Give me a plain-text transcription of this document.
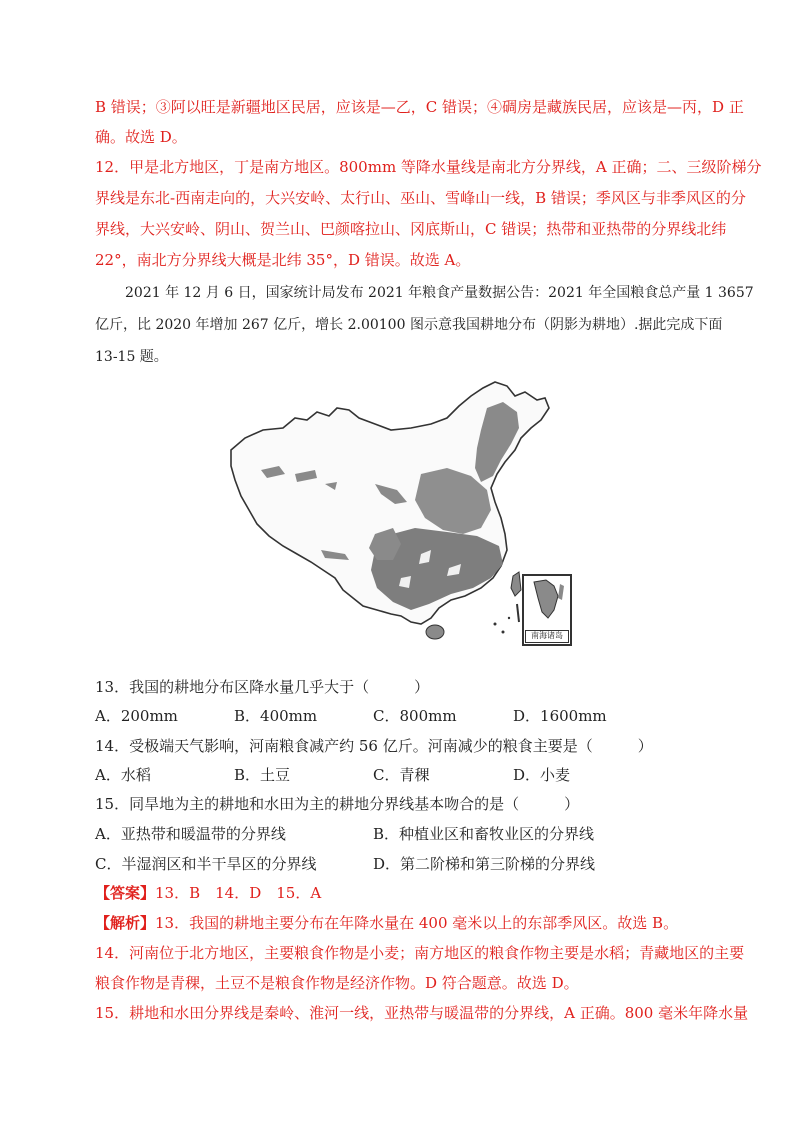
B 错误；③阿以旺是新疆地区民居，应该是—乙，C 错误；④碉房是藏族民居，应该是—丙，D 正
确。故选 D。
12．甲是北方地区，丁是南方地区。800mm 等降水量线是南北方分界线，A 正确；二、三级阶梯分
界线是东北-西南走向的，大兴安岭、太行山、巫山、雪峰山一线，B 错误；季风区与非季风区的分
界线，大兴安岭、阴山、贺兰山、巴颜喀拉山、冈底斯山，C 错误；热带和亚热带的分界线北纬
22°，南北方分界线大概是北纬 35°，D 错误。故选 A。
2021 年 12 月 6 日，国家统计局发布 2021 年粮食产量数据公告：2021 年全国粮食总产量 1 3657
亿斤，比 2020 年增加 267 亿斤，增长 2.00100 图示意我国耕地分布（阴影为耕地）.据此完成下面
13-15 题。
南海诸岛
13．我国的耕地分布区降水量几乎大于（　　　）
A．200mm	B．400mm	C．800mm	D．1600mm
14．受极端天气影响，河南粮食减产约 56 亿斤。河南减少的粮食主要是（　　　）
A．水稻	B．土豆	C．青稞	D．小麦
15．同旱地为主的耕地和水田为主的耕地分界线基本吻合的是（　　　）
A．亚热带和暖温带的分界线	B．种植业区和畜牧业区的分界线
C．半湿润区和半干旱区的分界线	D．第二阶梯和第三阶梯的分界线
【答案】13．B　14．D　15．A
【解析】13．我国的耕地主要分布在年降水量在 400 毫米以上的东部季风区。故选 B。
14．河南位于北方地区，主要粮食作物是小麦；南方地区的粮食作物主要是水稻；青藏地区的主要
粮食作物是青稞，土豆不是粮食作物是经济作物。D 符合题意。故选 D。
15．耕地和水田分界线是秦岭、淮河一线，亚热带与暖温带的分界线，A 正确。800 毫米年降水量
